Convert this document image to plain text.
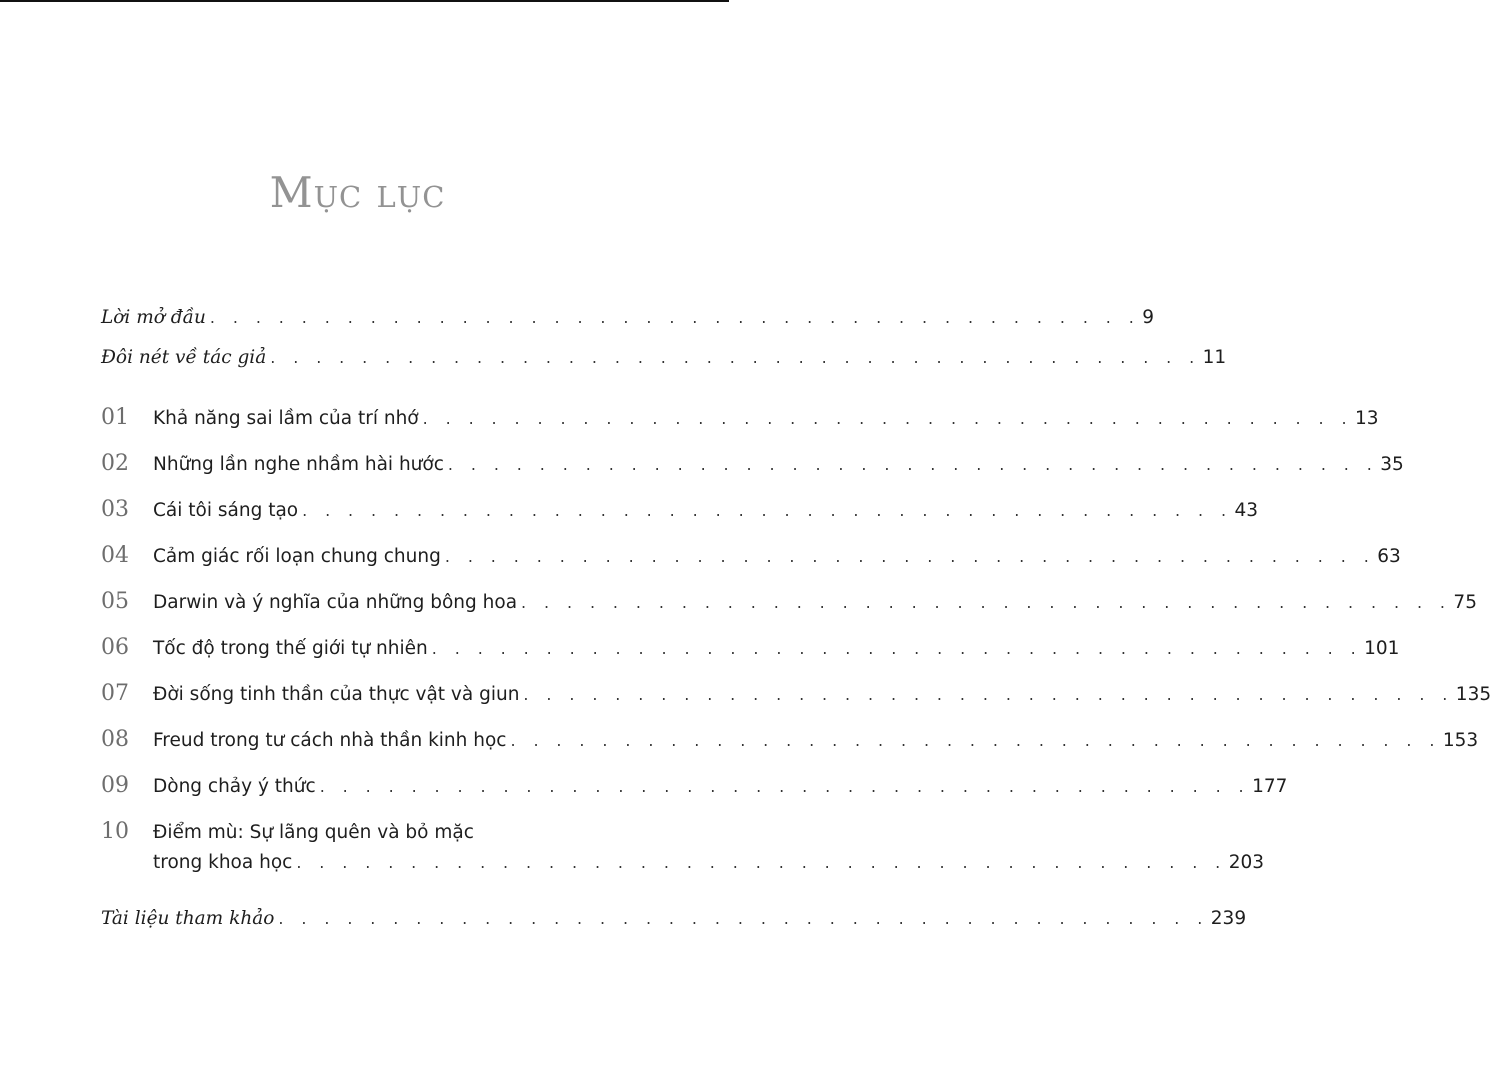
Mục lục
Lời mở đầu . . . . . . . . . . . . . . . . . . . . . . . . . . . . . . . . . . . . . . . . . 9
Đôi nét về tác giả . . . . . . . . . . . . . . . . . . . . . . . . . . . . . . . . . . . . . . . . . 11
01	Khả năng sai lầm của trí nhớ . . . . . . . . . . . . . . . . . . . . . . . . . . . . . . . . . . . . . . . . . 13
02	Những lần nghe nhầm hài hước . . . . . . . . . . . . . . . . . . . . . . . . . . . . . . . . . . . . . . . . . 35
03	Cái tôi sáng tạo . . . . . . . . . . . . . . . . . . . . . . . . . . . . . . . . . . . . . . . . . 43
04	Cảm giác rối loạn chung chung . . . . . . . . . . . . . . . . . . . . . . . . . . . . . . . . . . . . . . . . . 63
05	Darwin và ý nghĩa của những bông hoa . . . . . . . . . . . . . . . . . . . . . . . . . . . . . . . . . . . . . . . . . 75
06	Tốc độ trong thế giới tự nhiên . . . . . . . . . . . . . . . . . . . . . . . . . . . . . . . . . . . . . . . . . 101
07	Đời sống tinh thần của thực vật và giun . . . . . . . . . . . . . . . . . . . . . . . . . . . . . . . . . . . . . . . . . 135
08	Freud trong tư cách nhà thần kinh học . . . . . . . . . . . . . . . . . . . . . . . . . . . . . . . . . . . . . . . . . 153
09	Dòng chảy ý thức . . . . . . . . . . . . . . . . . . . . . . . . . . . . . . . . . . . . . . . . . 177
10	Điểm mù: Sự lãng quên và bỏ mặc
trong khoa học . . . . . . . . . . . . . . . . . . . . . . . . . . . . . . . . . . . . . . . . . 203
Tài liệu tham khảo . . . . . . . . . . . . . . . . . . . . . . . . . . . . . . . . . . . . . . . . . 239
